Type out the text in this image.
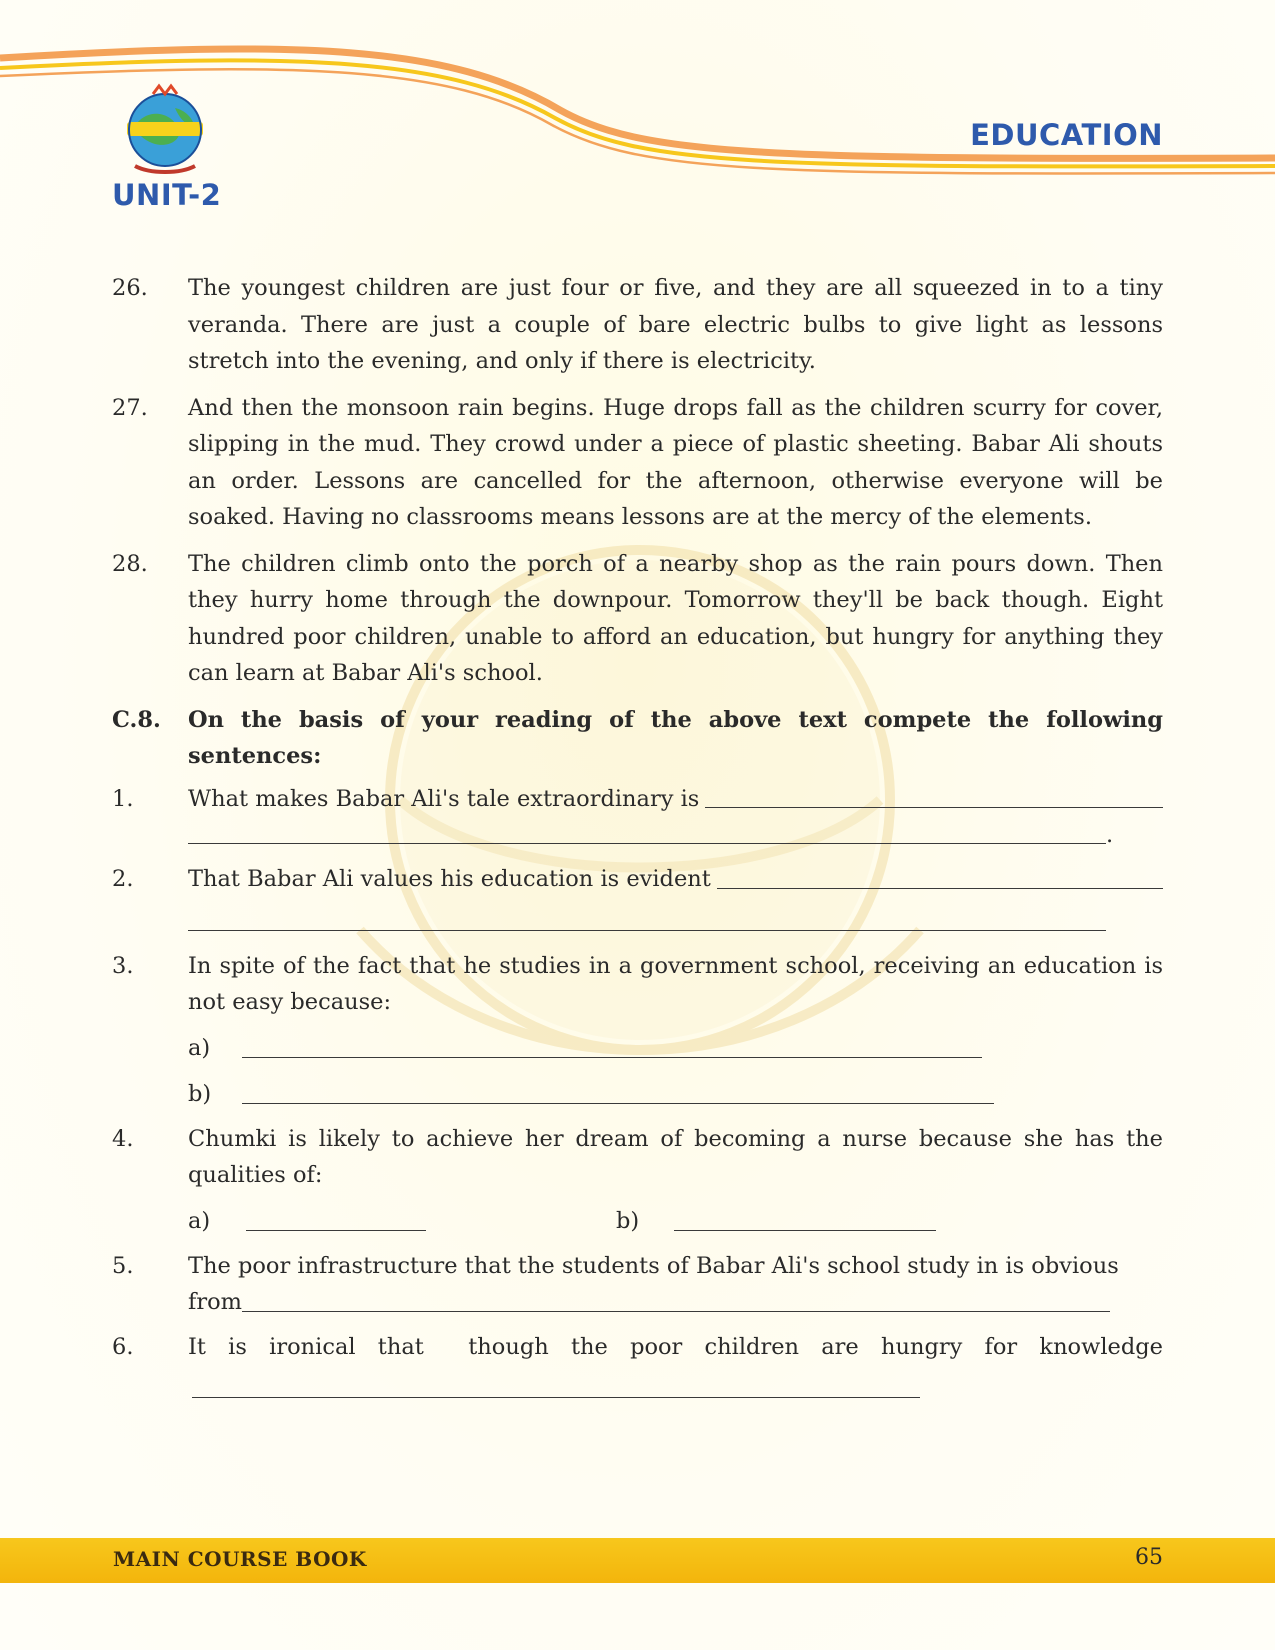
UNIT-2
EDUCATION
26.	The youngest children are just four or five, and they are all squeezed in to a tiny veranda. There are just a couple of bare electric bulbs to give light as lessons stretch into the evening, and only if there is electricity.
27.	And then the monsoon rain begins. Huge drops fall as the children scurry for cover, slipping in the mud. They crowd under a piece of plastic sheeting. Babar Ali shouts an order. Lessons are cancelled for the afternoon, otherwise everyone will be soaked. Having no classrooms means lessons are at the mercy of the elements.
28.	The children climb onto the porch of a nearby shop as the rain pours down. Then they hurry home through the downpour. Tomorrow they'll be back though. Eight hundred poor children, unable to afford an education, but hungry for anything they can learn at Babar Ali's school.
C.8.	On the basis of your reading of the above text compete the following sentences:
1.	What makes Babar Ali's tale extraordinary is
.
2.	That Babar Ali values his education is evident
3.	In spite of the fact that he studies in a government school, receiving an education is not easy because:
a)
b)
4.	Chumki is likely to achieve her dream of becoming a nurse because she has the qualities of:
a)	b)
5.	The poor infrastructure that the students of Babar Ali's school study in is obvious
from
6.	It is ironical that  though the poor children are hungry for knowledge
MAIN COURSE BOOK	65
